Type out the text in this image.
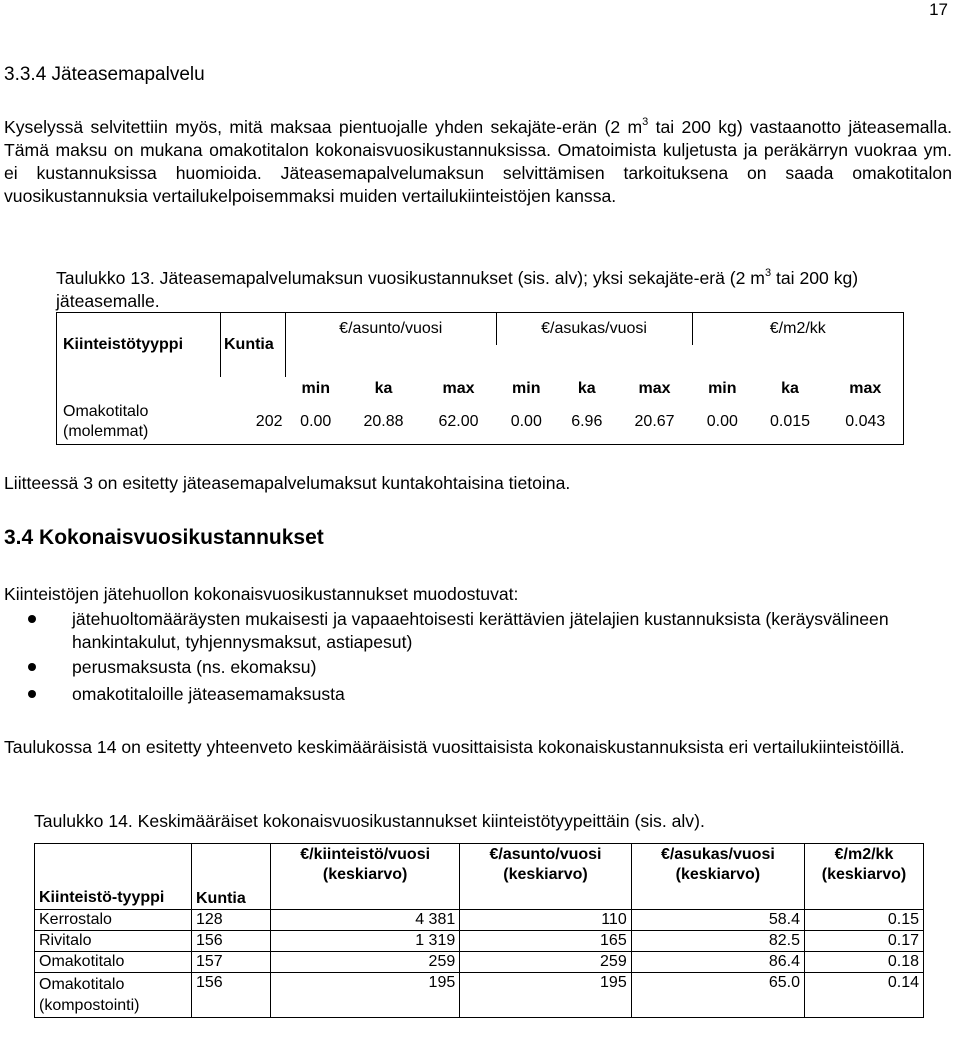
17
3.3.4 Jäteasemapalvelu

Kyselyssä selvitettiin myös, mitä maksaa pientuojalle yhden sekajäte-erän (2 $m^3$ tai 200 kg) vastaanotto jäteasemalla. Tämä maksu on mukana omakotitalon kokonaisvuosikustannuksissa. Omatoimista kuljetusta ja peräkärryn vuokraa ym. ei kustannuksissa huomioida. Jäteasemapalvelumaksun selvittämisen tarkoituksena on saada omakotitalon vuosikustannuksia vertailukelpoisemmaksi muiden vertailukiinteistöjen kanssa.

Taulukko 13. Jäteasemapalvelumaksun vuosikustannukset (sis. alv); yksi sekajäte-erä (2 $m^3$ tai 200 kg) jäteasemalle.

Kiinteistötyyppi	Kuntia	€/asunto/vuosi			€/asukas/vuosi			€/m2/kk		

		min	ka	max	min	ka	max	min	ka	max
Omakotitalo
(molemmat)	202	0.00	20.88	62.00	0.00	6.96	20.67	0.00	0.015	0.043

Liitteessä 3 on esitetty jäteasemapalvelumaksut kuntakohtaisina tietoina.

3.4 Kokonaisvuosikustannukset

Kiinteistöjen jätehuollon kokonaisvuosikustannukset muodostuvat:

jätehuoltomääräysten mukaisesti ja vapaaehtoisesti kerättävien jätelajien kustannuksista (keräysvälineen hankintakulut, tyhjennysmaksut, astiapesut)
perusmaksusta (ns. ekomaksu)
omakotitaloille jäteasemamaksusta

Taulukossa 14 on esitetty yhteenveto keskimääräisistä vuosittaisista kokonaiskustannuksista eri vertailukiinteistöillä.

Taulukko 14. Keskimääräiset kokonaisvuosikustannukset kiinteistötyypeittäin (sis. alv).

Kiinteistö-tyyppi	Kuntia	€/kiinteistö/vuosi (keskiarvo)	€/asunto/vuosi (keskiarvo)	€/asukas/vuosi (keskiarvo)	€/m2/kk (keskiarvo)
Kerrostalo	128	4 381	110	58.4	0.15
Rivitalo	156	1 319	165	82.5	0.17
Omakotitalo	157	259	259	86.4	0.18
Omakotitalo (kompostointi)	156	195	195	65.0	0.14
